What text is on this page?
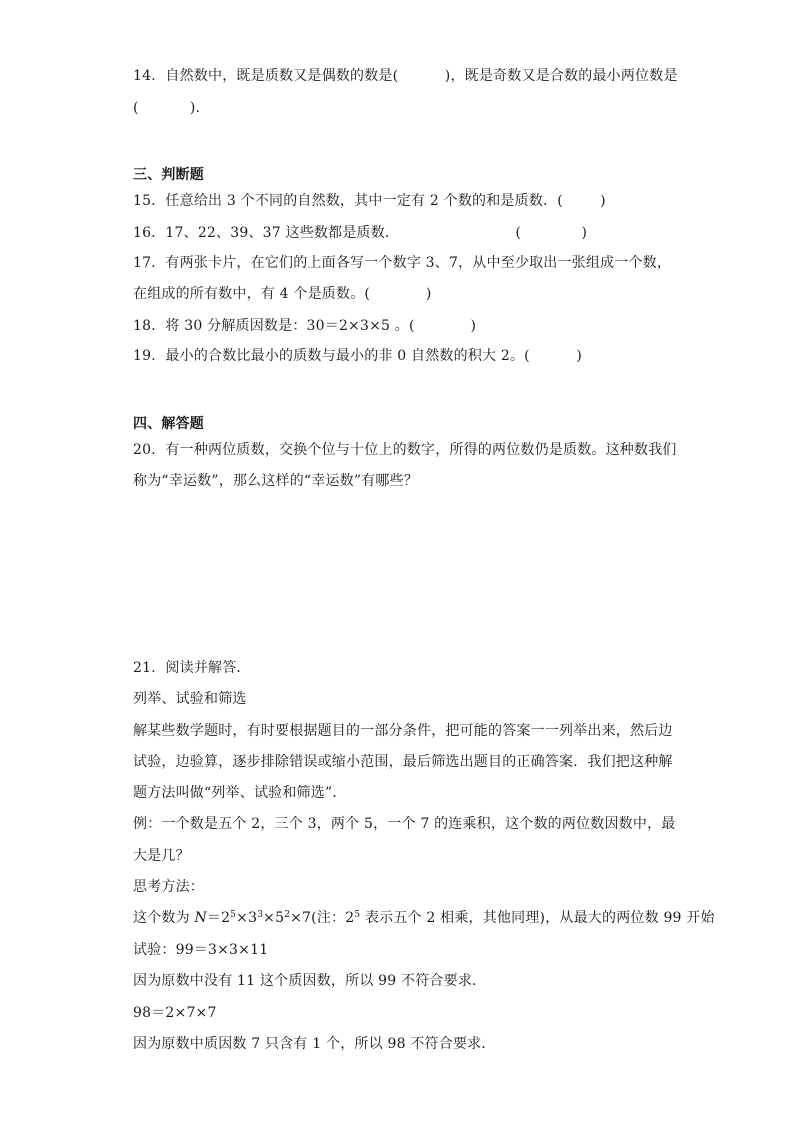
14．自然数中，既是质数又是偶数的数是(          )，既是奇数又是合数的最小两位数是
(           ).
三、判断题
15．任意给出 3 个不同的自然数，其中一定有 2 个数的和是质数．(        )
16．17、22、39、37 这些数都是质数．                         (             )
17．有两张卡片，在它们的上面各写一个数字 3、7，从中至少取出一张组成一个数，
在组成的所有数中，有 4 个是质数。(            )
18．将 30 分解质因数是：30＝2×3×5 。(            )
19．最小的合数比最小的质数与最小的非 0 自然数的积大 2。(          )
四、解答题
20．有一种两位质数，交换个位与十位上的数字，所得的两位数仍是质数。这种数我们
称为“幸运数”，那么这样的“幸运数”有哪些？
21．阅读并解答．
列举、试验和筛选
解某些数学题时，有时要根据题目的一部分条件，把可能的答案一一列举出来，然后边
试验，边验算，逐步排除错误或缩小范围，最后筛选出题目的正确答案．我们把这种解
题方法叫做“列举、试验和筛选”．
例：一个数是五个 2，三个 3，两个 5，一个 7 的连乘积，这个数的两位数因数中，最
大是几？
思考方法：
这个数为 $N=2^5\times 3^3\times 5^2\times 7$(注：$2^5$ 表示五个 2 相乘，其他同理)，从最大的两位数 99 开始
试验：99＝3×3×11
因为原数中没有 11 这个质因数，所以 99 不符合要求．
98＝2×7×7
因为原数中质因数 7 只含有 1 个，所以 98 不符合要求．
